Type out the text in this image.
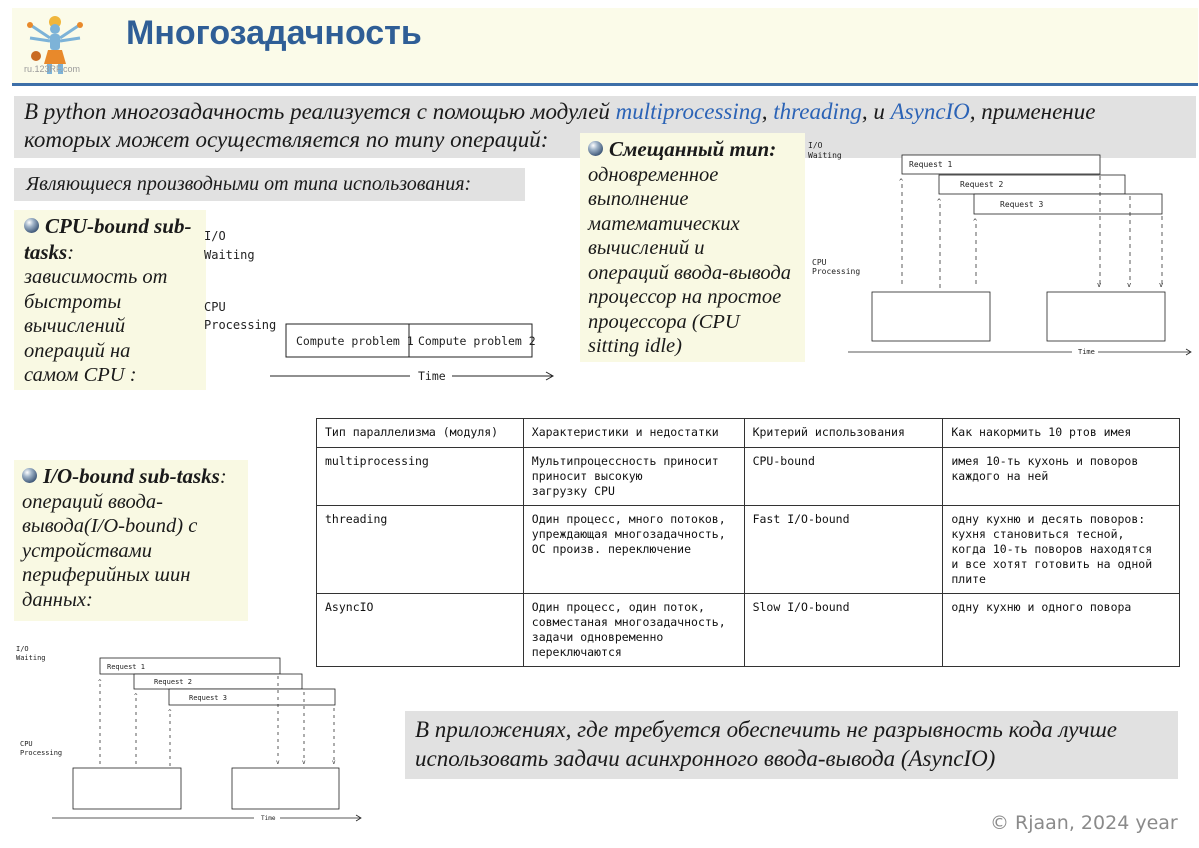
ru.123RF.com
Многозадачность

В python многозадачность реализуется с помощью модулей multiprocessing, threading, и AsyncIO, применение
которых может осуществляется по типу операций:

Являющиеся производными от типа использования:
CPU-bound sub-tasks:
зависимость от
быстроты
вычислений
операций на
самом CPU :
I/O
Waiting
CPU
Processing
Compute problem 1 Compute problem 2
Time
Смещанный тип:
одновременное
выполнение
математических
вычислений и
операций ввода-вывода
процессор на простое
процессора (CPU
sitting idle)
I/O
Waiting
CPU
Processing
Request 1
Request 2
Request 3
^
^
^
v	v	v
Time
I/O-bound sub-tasks:
операций ввода-
вывода(I/O-bound) с
устройствами
периферийных шин
данных:
I/O
Waiting
CPU
Processing
Request 1
Request 2
Request 3
^
^
^
v	v	v
Time
Тип параллелизма (модуля)	Характеристики и недостатки	Критерий использования	Как накормить 10 ртов имея
multiprocessing	Мультипроцессность приносит
приносит высокую
загрузку CPU	CPU-bound	имея 10-ть кухонь и поворов
каждого на ней
threading	Один процесс, много потоков,
упреждающая многозадачность,
ОС произв. переключение	Fast I/O-bound	одну кухню и десять поворов:
кухня становиться тесной,
когда 10-ть поворов находятся
и все хотят готовить на одной
плите
AsyncIO	Один процесс, один поток,
совместаная многозадачность,
задачи одновременно
переключаются	Slow I/O-bound	одну кухню и одного повора
В приложениях, где требуется обеспечить не разрывность кода лучше
использовать задачи асинхронного ввода-вывода (AsyncIO)
© Rjaan, 2024 year
